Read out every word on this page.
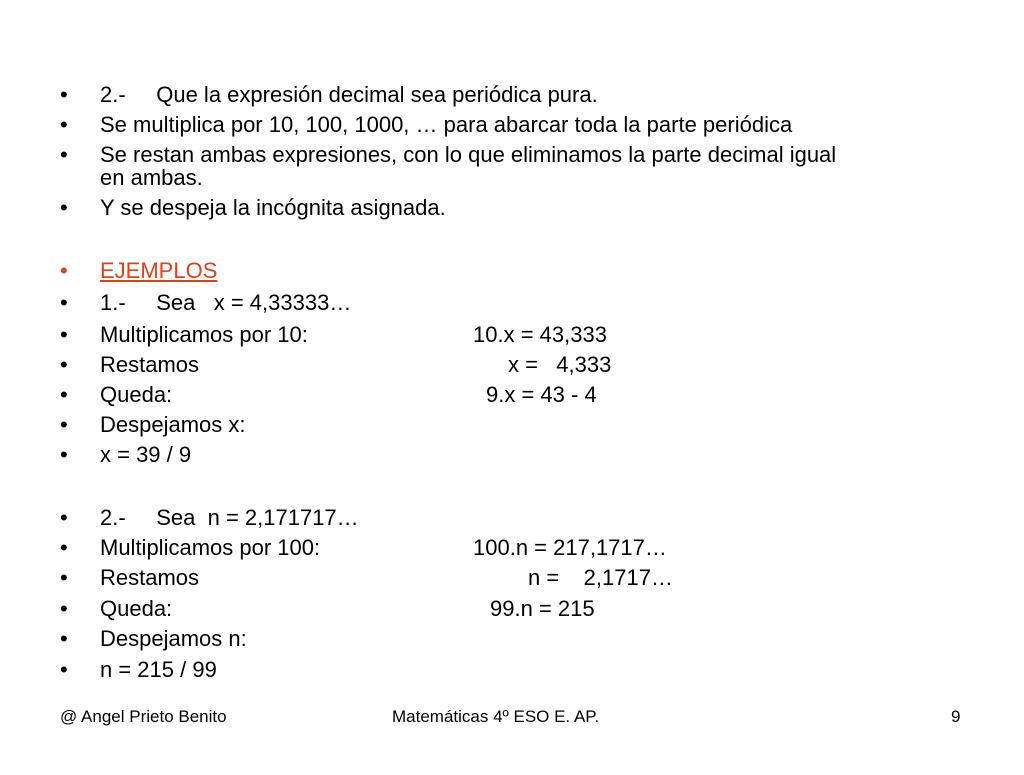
•

	2.-     Que la expresión decimal sea periódica pura.

•

	Se multiplica por 10, 100, 1000, … para abarcar toda la parte periódica

•

	Se restan ambas expresiones, con lo que eliminamos la parte decimal igual

en ambas.

•

	Y se despeja la incógnita asignada.

•

	EJEMPLOS

•

	1.-     Sea   x = 4,33333…

•

	Multiplicamos por 10:

	10.x = 43,333

•

	Restamos

	x =   4,333

•

	Queda:

	9.x = 43 - 4

•

	Despejamos x:

•

	x = 39 / 9

•

	2.-     Sea  n = 2,171717…

•

	Multiplicamos por 100:

	100.n = 217,1717…

•

	Restamos

	n =    2,1717…

•

	Queda:

	99.n = 215

•

	Despejamos n:

•

	n = 215 / 99

@ Angel Prieto Benito	Matemáticas 4º ESO E. AP.	9
